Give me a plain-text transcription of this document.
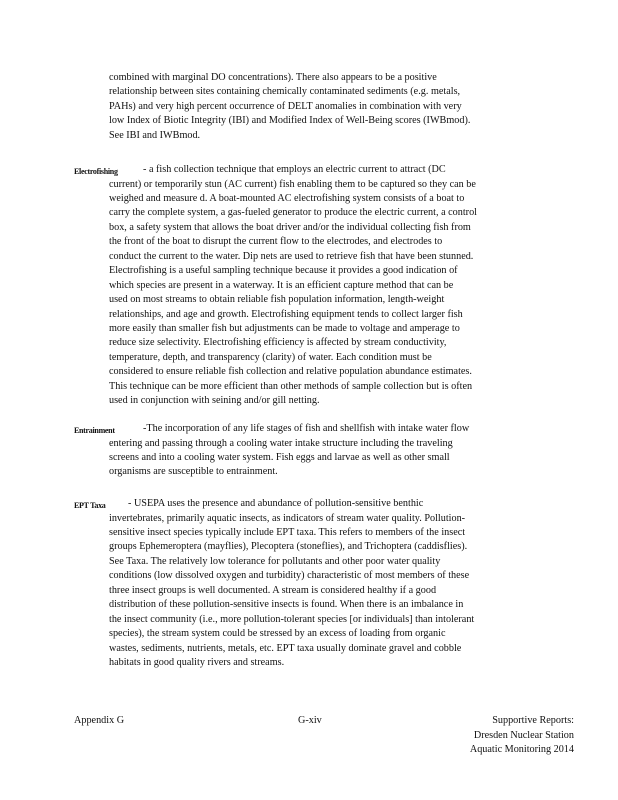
combined with marginal DO concentrations). There also appears to be a positive
relationship between sites containing chemically contaminated sediments (e.g. metals,
PAHs) and very high percent occurrence of DELT anomalies in combination with very
low Index of Biotic Integrity (IBI) and Modified Index of Well-Being scores (IWBmod).
See IBI and IWBmod.
Electrofishing - a fish collection technique that employs an electric current to attract (DC
current) or temporarily stun (AC current) fish enabling them to be captured so they can be
weighed and measure d. A boat-mounted AC electrofishing system consists of a boat to
carry the complete system, a gas-fueled generator to produce the electric current, a control
box, a safety system that allows the boat driver and/or the individual collecting fish from
the front of the boat to disrupt the current flow to the electrodes, and electrodes to
conduct the current to the water. Dip nets are used to retrieve fish that have been stunned.
Electrofishing is a useful sampling technique because it provides a good indication of
which species are present in a waterway. It is an efficient capture method that can be
used on most streams to obtain reliable fish population information, length-weight
relationships, and age and growth. Electrofishing equipment tends to collect larger fish
more easily than smaller fish but adjustments can be made to voltage and amperage to
reduce size selectivity. Electrofishing efficiency is affected by stream conductivity,
temperature, depth, and transparency (clarity) of water. Each condition must be
considered to ensure reliable fish collection and relative population abundance estimates.
This technique can be more efficient than other methods of sample collection but is often
used in conjunction with seining and/or gill netting.
Entrainment	-The incorporation of any life stages of fish and shellfish with intake water flow
entering and passing through a cooling water intake structure including the traveling
screens and into a cooling water system. Fish eggs and larvae as well as other small
organisms are susceptible to entrainment.
EPT Taxa - USEPA uses the presence and abundance of pollution-sensitive benthic
invertebrates, primarily aquatic insects, as indicators of stream water quality. Pollution-
sensitive insect species typically include EPT taxa. This refers to members of the insect
groups Ephemeroptera (mayflies), Plecoptera (stoneflies), and Trichoptera (caddisflies).
See Taxa. The relatively low tolerance for pollutants and other poor water quality
conditions (low dissolved oxygen and turbidity) characteristic of most members of these
three insect groups is well documented. A stream is considered healthy if a good
distribution of these pollution-sensitive insects is found. When there is an imbalance in
the insect community (i.e., more pollution-tolerant species [or individuals] than intolerant
species), the stream system could be stressed by an excess of loading from organic
wastes, sediments, nutrients, metals, etc. EPT taxa usually dominate gravel and cobble
habitats in good quality rivers and streams.
Appendix G	G-xiv	Supportive Reports:
Dresden Nuclear Station
Aquatic Monitoring 2014
